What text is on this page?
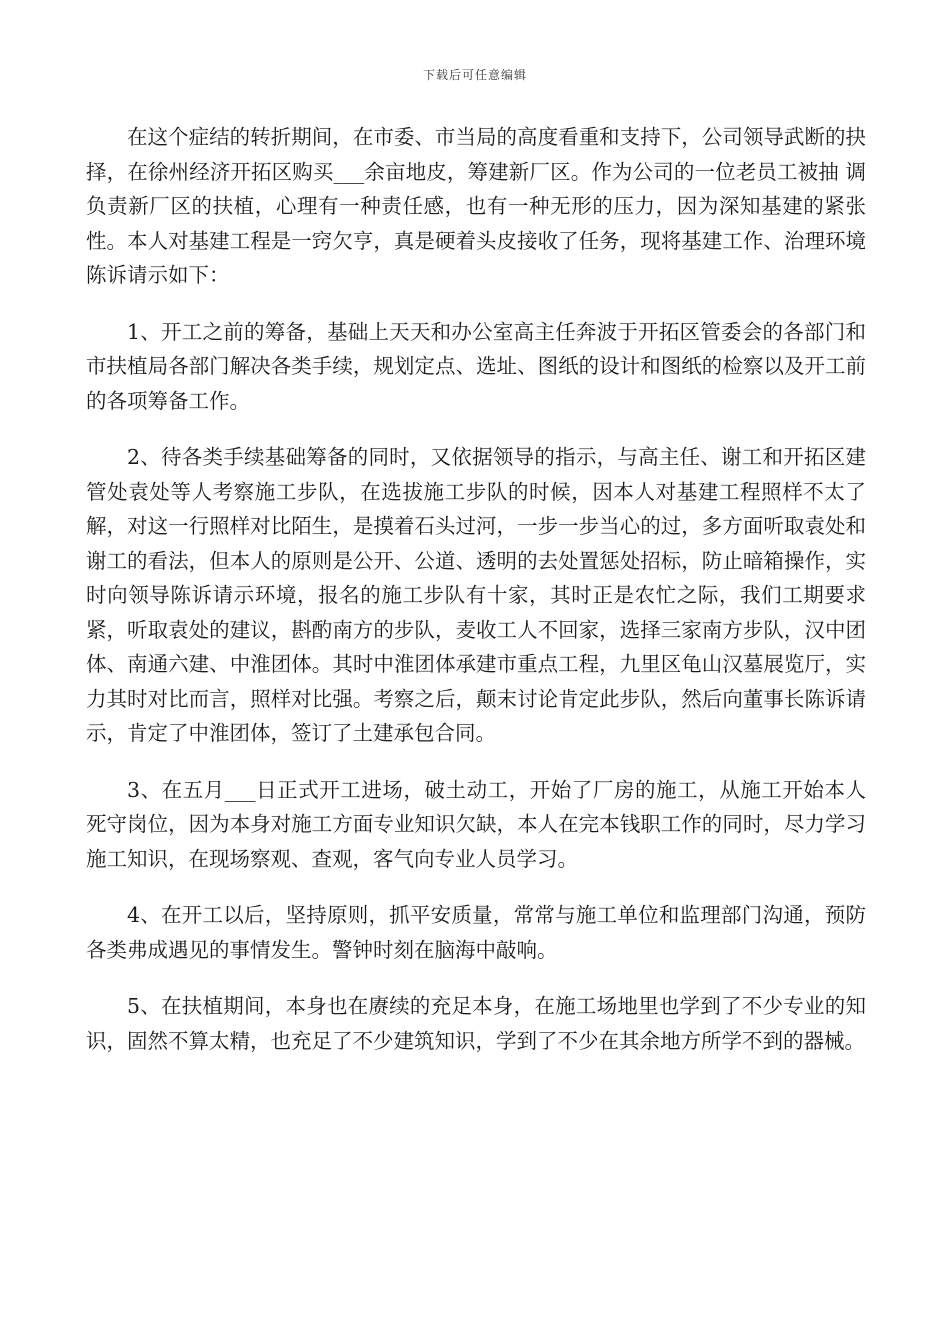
下载后可任意编辑

在这个症结的转折期间，在市委、市当局的高度看重和支持下，公司领导武断的抉择，在徐州经济开拓区购买___余亩地皮，筹建新厂区。作为公司的一位老员工被抽 调负责新厂区的扶植，心理有一种责任感，也有一种无形的压力，因为深知基建的紧张性。本人对基建工程是一窍欠亨，真是硬着头皮接收了任务，现将基建工作、治理环境陈诉请示如下：

1、开工之前的筹备，基础上天天和办公室高主任奔波于开拓区管委会的各部门和市扶植局各部门解决各类手续，规划定点、选址、图纸的设计和图纸的检察以及开工前的各项筹备工作。

2、待各类手续基础筹备的同时，又依据领导的指示，与高主任、谢工和开拓区建管处袁处等人考察施工步队，在选拔施工步队的时候，因本人对基建工程照样不太了解，对这一行照样对比陌生，是摸着石头过河，一步一步当心的过，多方面听取袁处和谢工的看法，但本人的原则是公开、公道、透明的去处置惩处招标，防止暗箱操作，实时向领导陈诉请示环境，报名的施工步队有十家，其时正是农忙之际，我们工期要求紧，听取袁处的建议，斟酌南方的步队，麦收工人不回家，选择三家南方步队，汉中团体、南通六建、中淮团体。其时中淮团体承建市重点工程，九里区龟山汉墓展览厅，实力其时对比而言，照样对比强。考察之后，颠末讨论肯定此步队，然后向董事长陈诉请示，肯定了中淮团体，签订了土建承包合同。

3、在五月___日正式开工进场，破土动工，开始了厂房的施工，从施工开始本人死守岗位，因为本身对施工方面专业知识欠缺，本人在完本钱职工作的同时，尽力学习施工知识，在现场察观、查观，客气向专业人员学习。

4、在开工以后，坚持原则，抓平安质量，常常与施工单位和监理部门沟通，预防各类弗成遇见的事情发生。警钟时刻在脑海中敲响。

5、在扶植期间，本身也在赓续的充足本身，在施工场地里也学到了不少专业的知识，固然不算太精，也充足了不少建筑知识，学到了不少在其余地方所学不到的器械。
